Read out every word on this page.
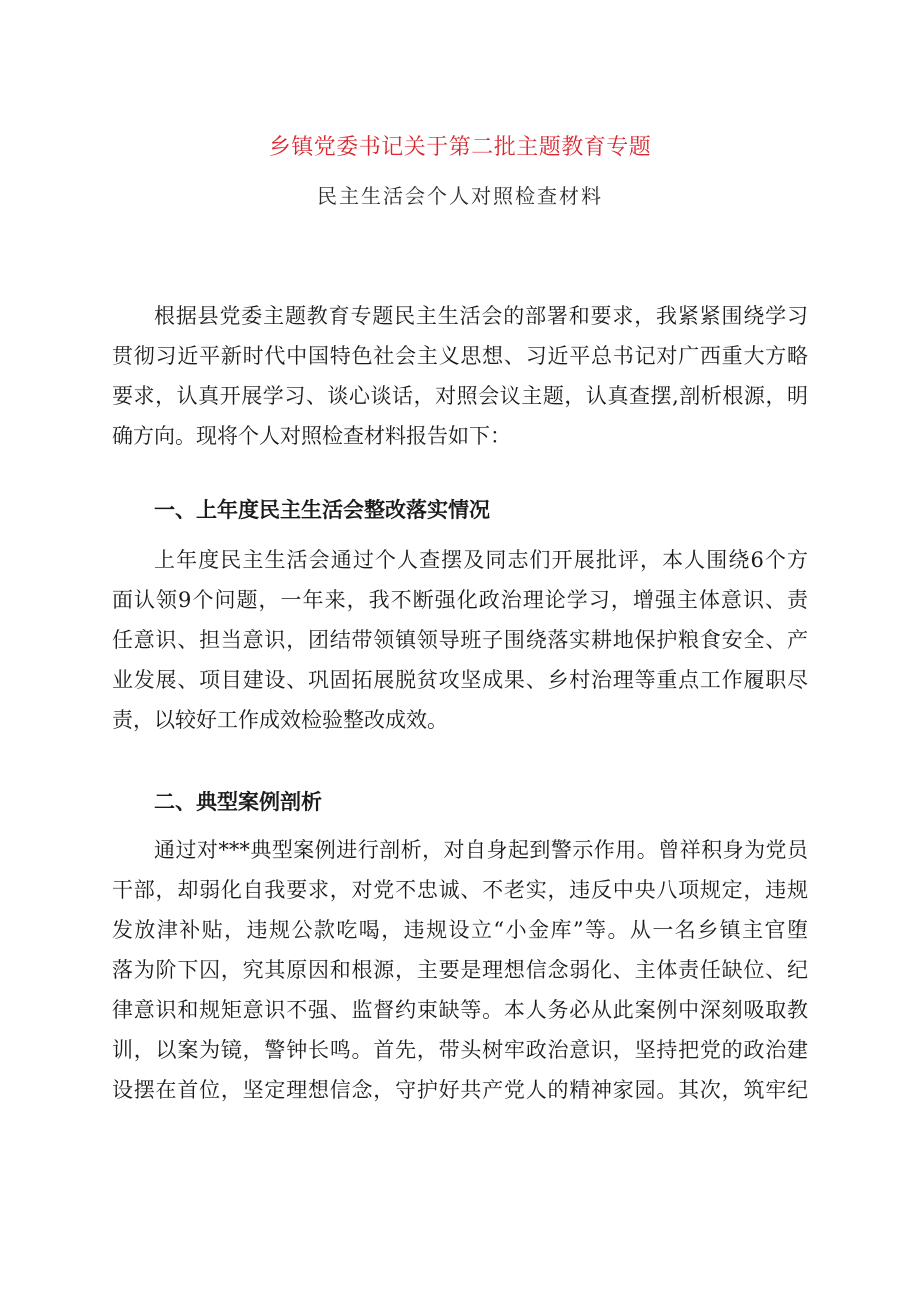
乡镇党委书记关于第二批主题教育专题
民主生活会个人对照检查材料
根据县党委主题教育专题民主生活会的部署和要求，我紧紧围绕学习
贯彻习近平新时代中国特色社会主义思想、习近平总书记对广西重大方略
要求，认真开展学习、谈心谈话，对照会议主题，认真查摆,剖析根源，明
确方向。现将个人对照检查材料报告如下：
一、上年度民主生活会整改落实情况
上年度民主生活会通过个人查摆及同志们开展批评，本人围绕6个方
面认领9个问题，一年来，我不断强化政治理论学习，增强主体意识、责
任意识、担当意识，团结带领镇领导班子围绕落实耕地保护粮食安全、产
业发展、项目建设、巩固拓展脱贫攻坚成果、乡村治理等重点工作履职尽
责，以较好工作成效检验整改成效。
二、典型案例剖析
通过对***典型案例进行剖析，对自身起到警示作用。曾祥积身为党员
干部，却弱化自我要求，对党不忠诚、不老实，违反中央八项规定，违规
发放津补贴，违规公款吃喝，违规设立“小金库”等。从一名乡镇主官堕
落为阶下囚，究其原因和根源，主要是理想信念弱化、主体责任缺位、纪
律意识和规矩意识不强、监督约束缺等。本人务必从此案例中深刻吸取教
训，以案为镜，警钟长鸣。首先，带头树牢政治意识，坚持把党的政治建
设摆在首位，坚定理想信念，守护好共产党人的精神家园。其次，筑牢纪
